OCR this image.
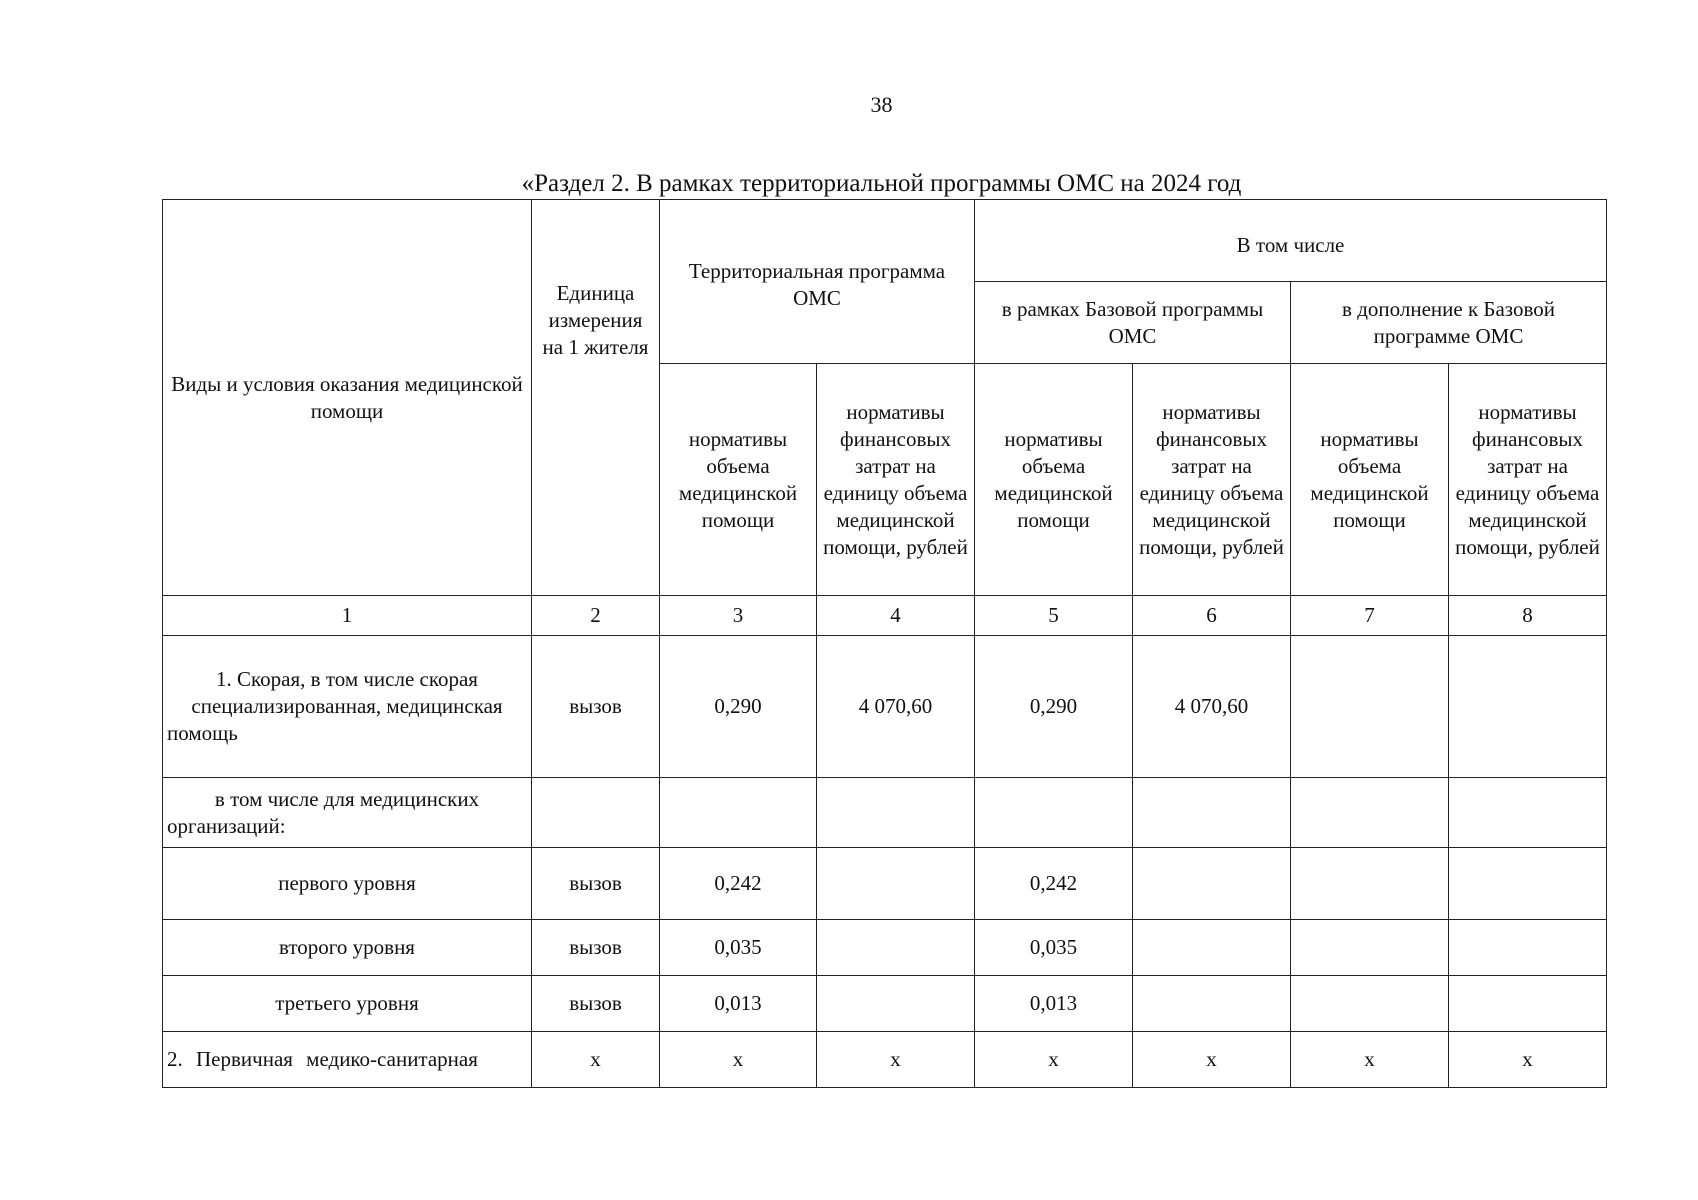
38
«Раздел 2. В рамках территориальной программы ОМС на 2024 год
Виды и условия оказания медицинской помощи	Единица измерения на 1 жителя	Территориальная программа ОМС		В том числе			
				в рамках Базовой программы ОМС		в дополнение к Базовой программе ОМС	
		нормативы объема медицинской помощи	нормативы финансовых затрат на единицу объема медицинской помощи, рублей	нормативы объема медицинской помощи	нормативы финансовых затрат на единицу объема медицинской помощи, рублей	нормативы объема медицинской помощи	нормативы финансовых затрат на единицу объема медицинской помощи, рублей
1	2	3	4	5	6	7	8
1. Скорая, в том числе скорая специализированная, медицинская помощь	вызов	0,290	4 070,60	0,290	4 070,60		
в том числе для медицинских организаций:							
первого уровня	вызов	0,242		0,242			
второго уровня	вызов	0,035		0,035			
третьего уровня	вызов	0,013		0,013			
2. Первичная медико-санитарная	х	х	х	х	х	х	х
